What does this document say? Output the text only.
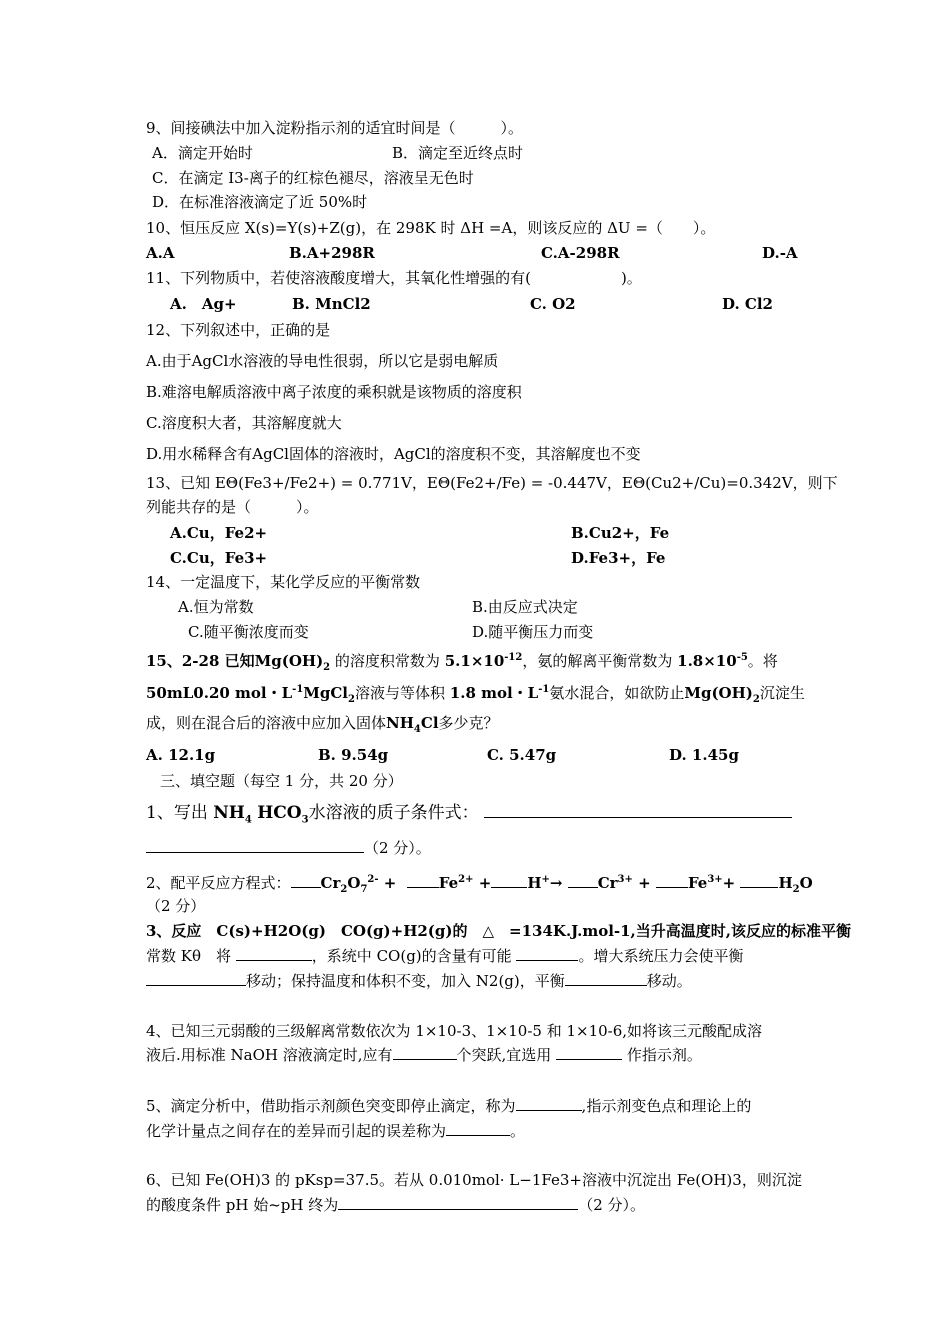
9、间接碘法中加入淀粉指示剂的适宜时间是（　　　）。
A．滴定开始时	B．滴定至近终点时
C．在滴定 I3-离子的红棕色褪尽，溶液呈无色时
D．在标准溶液滴定了近 50%时
10、恒压反应 X(s)=Y(s)+Z(g)，在 298K 时 ΔH =A，则该反应的 ΔU =（　　）。
A.A	B.A+298R	C.A-298R	D.-A
11、下列物质中，若使溶液酸度增大，其氧化性增强的有(　　　　　　)。
A.　Ag+	B. MnCl2	C. O2	D. Cl2
12、下列叙述中，正确的是
A.由于AgCl水溶液的导电性很弱，所以它是弱电解质
B.难溶电解质溶液中离子浓度的乘积就是该物质的溶度积
C.溶度积大者，其溶解度就大
D.用水稀释含有AgCl固体的溶液时，AgCl的溶度积不变，其溶解度也不变
13、已知 EΘ(Fe3+/Fe2+) = 0.771V，EΘ(Fe2+/Fe) = -0.447V，EΘ(Cu2+/Cu)=0.342V，则下
列能共存的是（　　　）。
A.Cu，Fe2+	B.Cu2+，Fe
C.Cu，Fe3+	D.Fe3+，Fe
14、一定温度下，某化学反应的平衡常数
A.恒为常数	B.由反应式决定
C.随平衡浓度而变	D.随平衡压力而变
15、2-28 已知$Mg(OH)_2$ 的溶度积常数为 $5.1\times 10^{-12}$，氨的解离平衡常数为 $1.8\times 10^{-5}$。将
50mL0.20 mol・$L^{-1}MgCl_2$溶液与等体积 1.8 mol・$L^{-1}$氨水混合，如欲防止$Mg(OH)_2$沉淀生
成，则在混合后的溶液中应加入固体$NH_4Cl$多少克？
A. 12.1g	B. 9.54g	C. 5.47g	D. 1.45g
三、填空题（每空 1 分，共 20 分）
1、写出 $NH_4$ $HCO_3$水溶液的质子条件式：
（2 分）。
2、配平反应方程式： $Cr_2O_7^{2-}$ +	$Fe^{2+} + H^+\to Cr^{3+} + Fe^{3+}+$	$H_2O$
（2 分）
3、反应　C(s)+H2O(g)　CO(g)+H2(g)的　△　=134K.J.mol-1,当升高温度时,该反应的标准平衡
常数 Kθ　将	，系统中 CO(g)的含量有可能	。增大系统压力会使平衡
移动；保持温度和体积不变，加入 N2(g)，平衡	移动。
4、已知三元弱酸的三级解离常数依次为 1×10-3、1×10-5 和 1×10-6,如将该三元酸配成溶
液后.用标准 NaOH 溶液滴定时,应有	个突跃,宜选用	作指示剂。
5、滴定分析中，借助指示剂颜色突变即停止滴定，称为	,指示剂变色点和理论上的
化学计量点之间存在的差异而引起的误差称为	。
6、已知 Fe(OH)3 的 pKsp=37.5。若从 0.010mol· L−1Fe3+溶液中沉淀出 Fe(OH)3，则沉淀
的酸度条件 pH 始~pH 终为	（2 分）。
